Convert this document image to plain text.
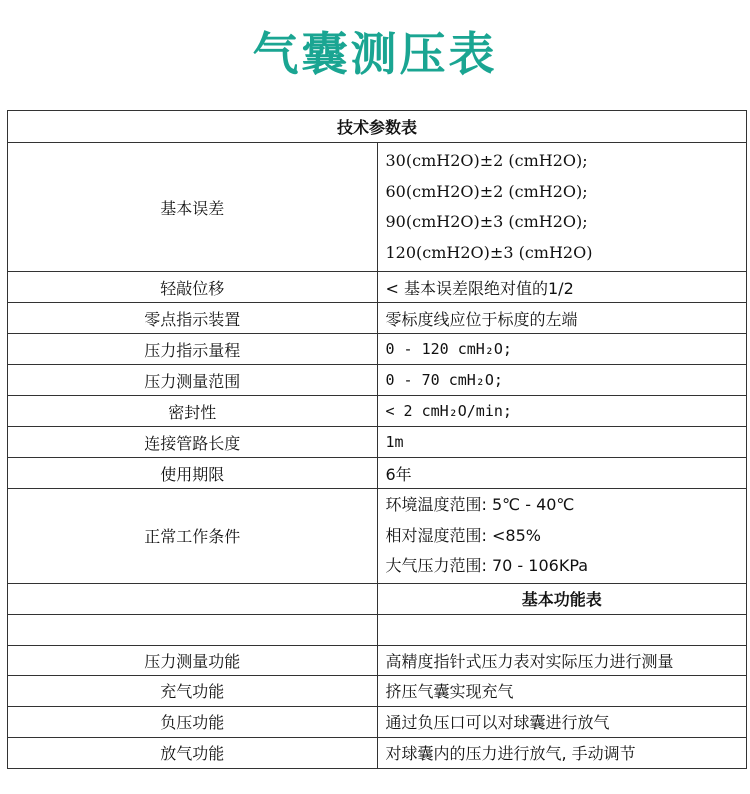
气囊测压表
技术参数表	
基本误差	30(cmH2O)±2 (cmH2O);
60(cmH2O)±2 (cmH2O);
90(cmH2O)±3 (cmH2O);
120(cmH2O)±3 (cmH2O)

轻敲位移	< 基本误差限绝对值的1/2
零点指示装置	零标度线应位于标度的左端
压力指示量程	0 - 120 cmH₂O;
压力测量范围	0 - 70 cmH₂O;
密封性	< 2 cmH₂O/min;
连接管路长度	1m
使用期限	6年
正常工作条件	环境温度范围: 5℃ - 40℃
相对湿度范围: <85%
大气压力范围: 70 - 106KPa

	基本功能表

压力测量功能	高精度指针式压力表对实际压力进行测量
充气功能	挤压气囊实现充气
负压功能	通过负压口可以对球囊进行放气
放气功能	对球囊内的压力进行放气, 手动调节
